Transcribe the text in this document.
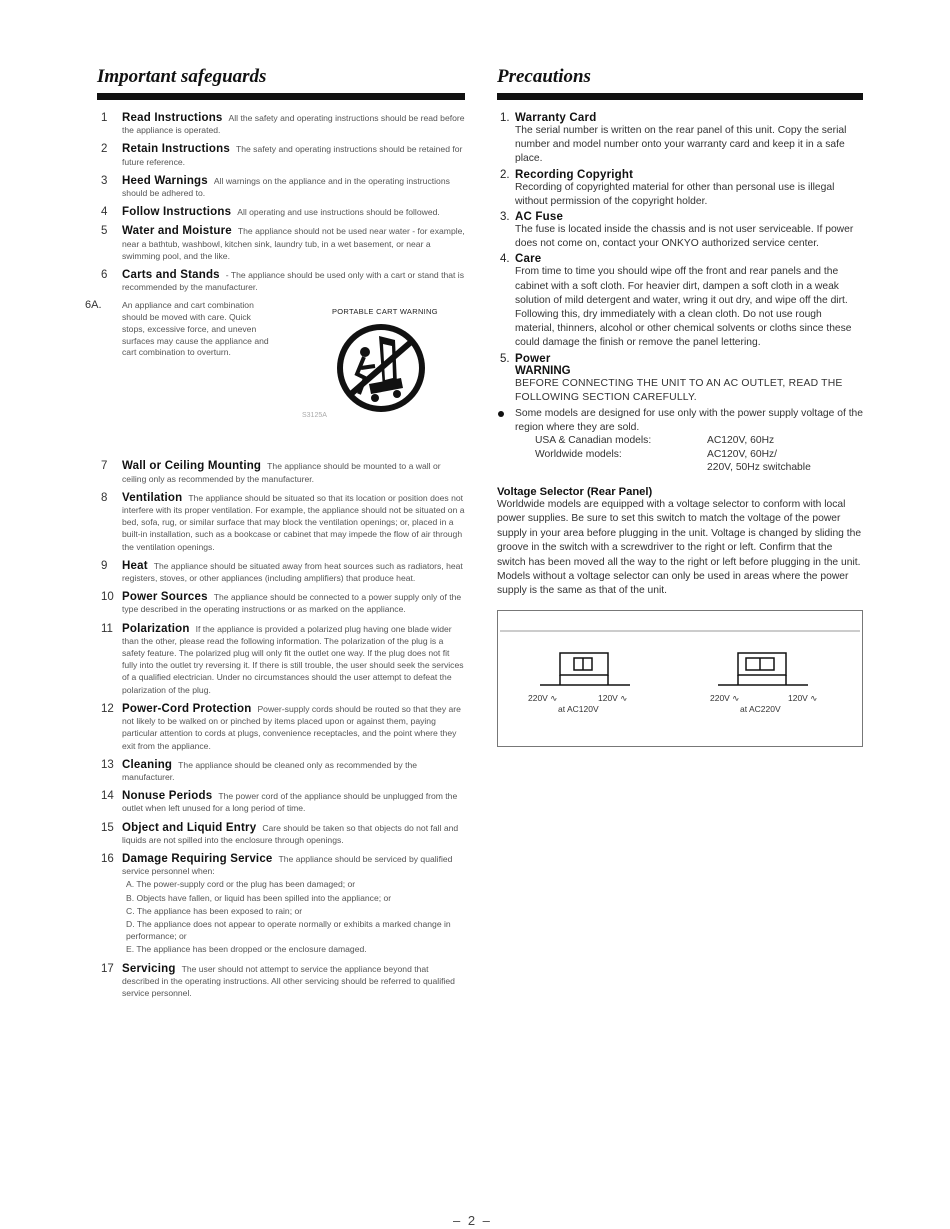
Important safeguards
1 Read Instructions All the safety and operating instructions should be read before the appliance is operated.
2 Retain Instructions The safety and operating instructions should be retained for future reference.
3 Heed Warnings All warnings on the appliance and in the operating instructions should be adhered to.
4 Follow Instructions All operating and use instructions should be followed.
5 Water and Moisture The appliance should not be used near water - for example, near a bathtub, washbowl, kitchen sink, laundry tub, in a wet basement, or near a swimming pool, and the like.
6 Carts and Stands - The appliance should be used only with a cart or stand that is recommended by the manufacturer.
6A. An appliance and cart combination should be moved with care. Quick stops, excessive force, and uneven surfaces may cause the appliance and cart combination to overturn.
PORTABLE CART WARNING
S3125A
7 Wall or Ceiling Mounting The appliance should be mounted to a wall or ceiling only as recommended by the manufacturer.
8 Ventilation The appliance should be situated so that its location or position does not interfere with its proper ventilation. For example, the appliance should not be situated on a bed, sofa, rug, or similar surface that may block the ventilation openings; or, placed in a built-in installation, such as a bookcase or cabinet that may impede the flow of air through the ventilation openings.
9 Heat The appliance should be situated away from heat sources such as radiators, heat registers, stoves, or other appliances (including amplifiers) that produce heat.
10 Power Sources The appliance should be connected to a power supply only of the type described in the operating instructions or as marked on the appliance.
11 Polarization If the appliance is provided a polarized plug having one blade wider than the other, please read the following information. The polarization of the plug is a safety feature. The polarized plug will only fit the outlet one way. If the plug does not fit fully into the outlet try reversing it. If there is still trouble, the user should seek the services of a qualified electrician. Under no circumstances should the user attempt to defeat the polarization of the plug.
12 Power-Cord Protection Power-supply cords should be routed so that they are not likely to be walked on or pinched by items placed upon or against them, paying particular attention to cords at plugs, convenience receptacles, and the point where they exit from the appliance.
13 Cleaning The appliance should be cleaned only as recommended by the manufacturer.
14 Nonuse Periods The power cord of the appliance should be unplugged from the outlet when left unused for a long period of time.
15 Object and Liquid Entry Care should be taken so that objects do not fall and liquids are not spilled into the enclosure through openings.
16 Damage Requiring Service The appliance should be serviced by qualified service personnel when:
A. The power-supply cord or the plug has been damaged; or
B. Objects have fallen, or liquid has been spilled into the appliance; or
C. The appliance has been exposed to rain; or
D. The appliance does not appear to operate normally or exhibits a marked change in performance; or
E. The appliance has been dropped or the enclosure damaged.
17 Servicing The user should not attempt to service the appliance beyond that described in the operating instructions. All other servicing should be referred to qualified service personnel.
Precautions
1. Warranty Card
The serial number is written on the rear panel of this unit. Copy the serial number and model number onto your warranty card and keep it in a safe place.
2. Recording Copyright
Recording of copyrighted material for other than personal use is illegal without permission of the copyright holder.
3. AC Fuse
The fuse is located inside the chassis and is not user serviceable. If power does not come on, contact your ONKYO authorized service center.
4. Care
From time to time you should wipe off the front and rear panels and the cabinet with a soft cloth. For heavier dirt, dampen a soft cloth in a weak solution of mild detergent and water, wring it out dry, and wipe off the dirt. Following this, dry immediately with a clean cloth. Do not use rough material, thinners, alcohol or other chemical solvents or cloths since these could damage the finish or remove the panel lettering.
5. Power
WARNING
BEFORE CONNECTING THE UNIT TO AN AC OUTLET, READ THE FOLLOWING SECTION CAREFULLY.
Some models are designed for use only with the power supply voltage of the region where they are sold.
USA & Canadian models:	AC120V, 60Hz
Worldwide models:	AC120V, 60Hz/
220V, 50Hz switchable
Voltage Selector (Rear Panel)
Worldwide models are equipped with a voltage selector to conform with local power supplies. Be sure to set this switch to match the voltage of the power supply in your area before plugging in the unit. Voltage is changed by sliding the groove in the switch with a screwdriver to the right or left. Confirm that the switch has been moved all the way to the right or left before plugging in the unit. Models without a voltage selector can only be used in areas where the power supply is the same as that of the unit.
220V ∿	120V ∿
at AC120V
220V ∿	120V ∿
at AC220V
– 2 –
